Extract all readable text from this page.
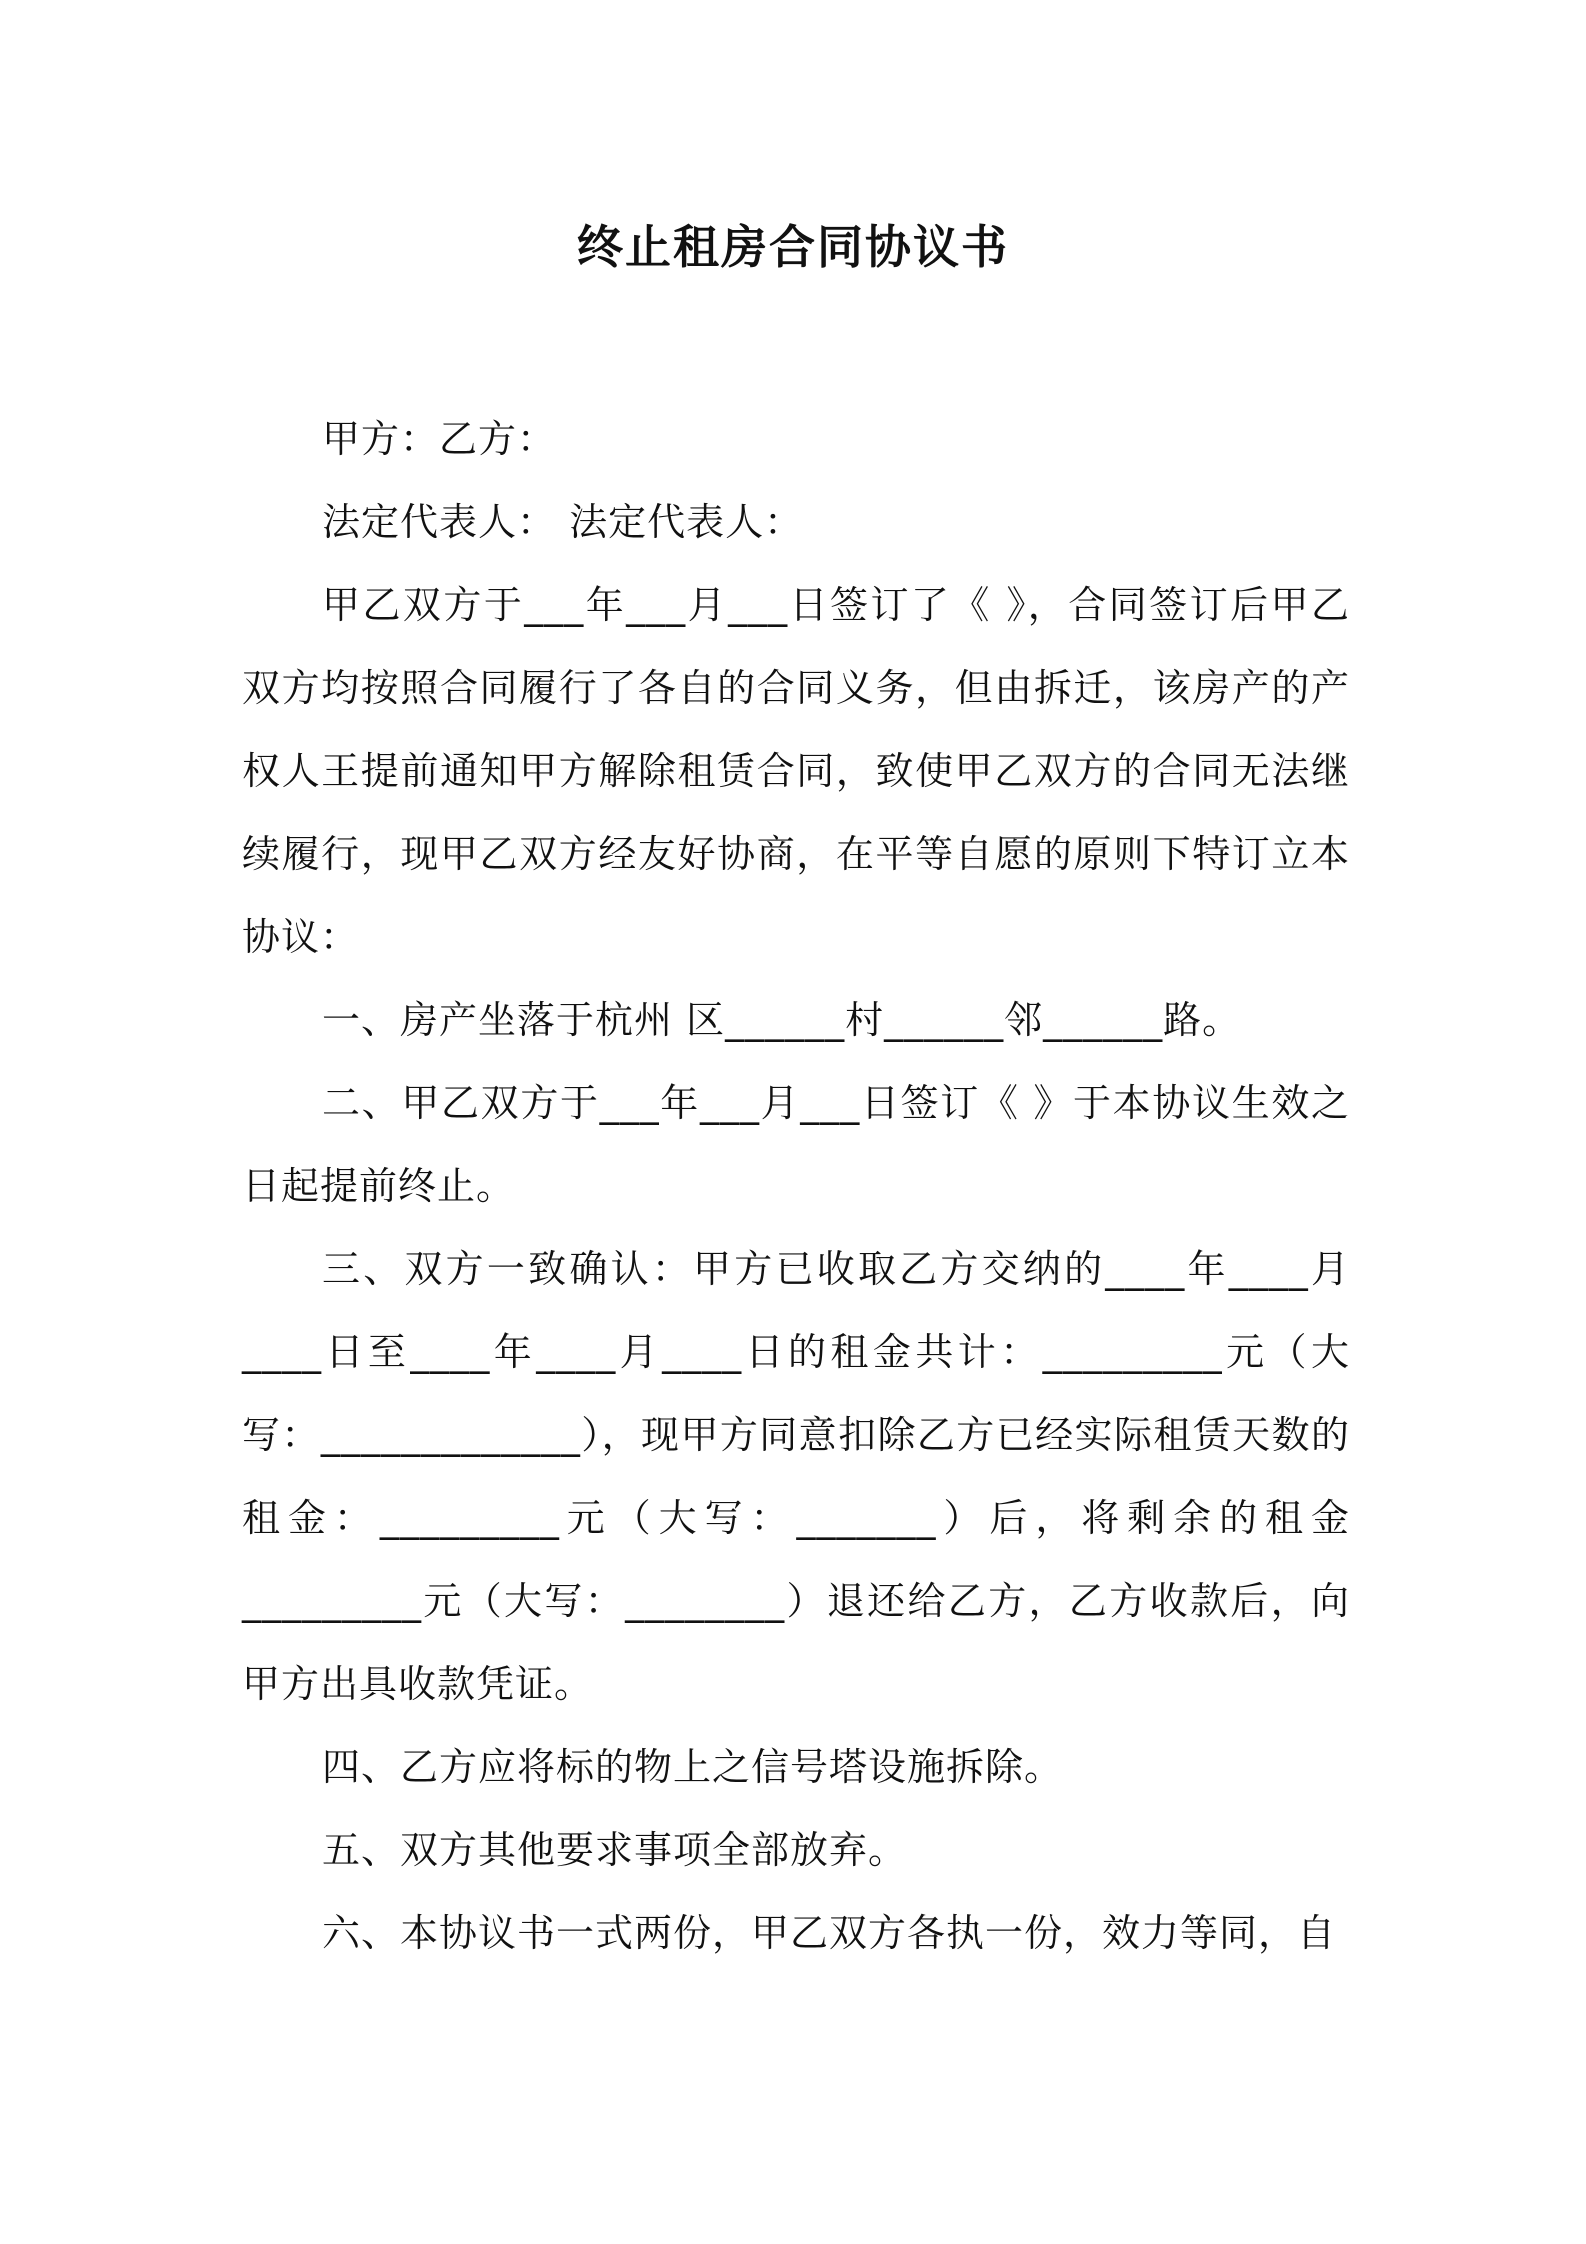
终止租房合同协议书

甲方：乙方：

法定代表人： 法定代表人：

甲乙双方于___年___月___日签订了《 》，合同签订后甲乙双方均按照合同履行了各自的合同义务，但由拆迁，该房产的产权人王提前通知甲方解除租赁合同，致使甲乙双方的合同无法继续履行，现甲乙双方经友好协商，在平等自愿的原则下特订立本协议：

一、房产坐落于杭州 区______村______邻______路。

二、甲乙双方于___年___月___日签订《 》于本协议生效之日起提前终止。

三、双方一致确认：甲方已收取乙方交纳的____年____月____日至____年____月____日的租金共计：_________元（大写：_____________），现甲方同意扣除乙方已经实际租赁天数的租金：_________元（大写：_______）后，将剩余的租金_________元（大写：________）退还给乙方，乙方收款后，向甲方出具收款凭证。

四、乙方应将标的物上之信号塔设施拆除。

五、双方其他要求事项全部放弃。

六、本协议书一式两份，甲乙双方各执一份，效力等同，自
